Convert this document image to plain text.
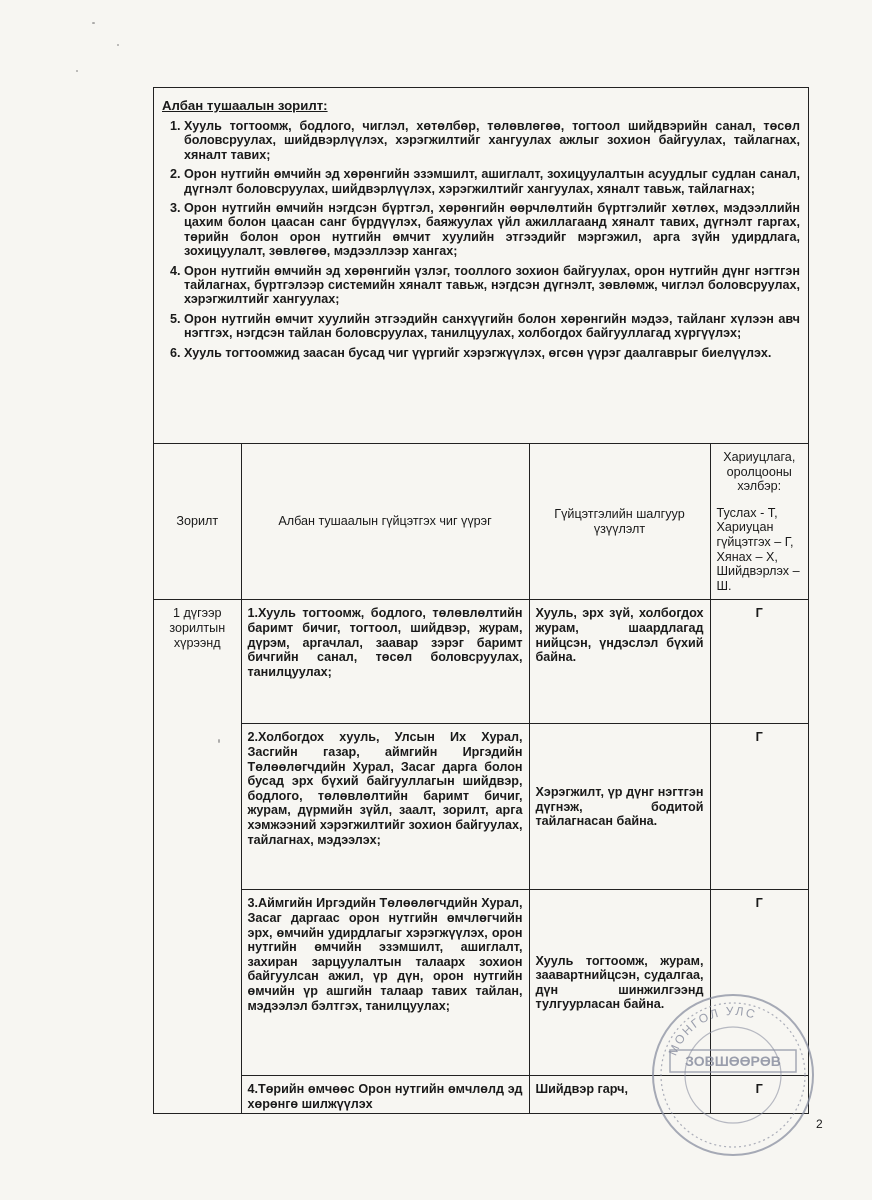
Албан тушаалын зорилт:

1. Хууль тогтоомж, бодлого, чиглэл, хөтөлбөр, төлөвлөгөө, тогтоол шийдвэрийн санал, төсөл боловсруулах, шийдвэрлүүлэх, хэрэгжилтийг хангуулах ажлыг зохион байгуулах, тайлагнах, хяналт тавих;
2. Орон нутгийн өмчийн эд хөрөнгийн эзэмшилт, ашиглалт, зохицуулалтын асуудлыг судлан санал, дүгнэлт боловсруулах, шийдвэрлүүлэх, хэрэгжилтийг хангуулах, хяналт тавьж, тайлагнах;
3. Орон нутгийн өмчийн нэгдсэн бүртгэл, хөрөнгийн өөрчлөлтийн бүртгэлийг хөтлөх, мэдээллийн цахим болон цаасан санг бүрдүүлэх, баяжуулах үйл ажиллагаанд хяналт тавих, дүгнэлт гаргах, төрийн болон орон нутгийн өмчит хуулийн этгээдийг мэргэжил, арга зүйн удирдлага, зохицуулалт, зөвлөгөө, мэдээллээр хангах;
4. Орон нутгийн өмчийн эд хөрөнгийн үзлэг, тооллого зохион байгуулах, орон нутгийн дүнг нэгтгэн тайлагнах, бүртгэлээр системийн хяналт тавьж, нэгдсэн дүгнэлт, зөвлөмж, чиглэл боловсруулах, хэрэгжилтийг хангуулах;
5. Орон нутгийн өмчит хуулийн этгээдийн санхүүгийн болон хөрөнгийн мэдээ, тайланг хүлээн авч нэгтгэх, нэгдсэн тайлан боловсруулах, танилцуулах, холбогдох байгууллагад хүргүүлэх;
6. Хууль тогтоомжид заасан бусад чиг үүргийг хэрэгжүүлэх, өгсөн үүрэг даалгаврыг биелүүлэх.
Зорилт	Албан тушаалын гүйцэтгэх чиг үүрэг	Гүйцэтгэлийн шалгуур үзүүлэлт	Хариуцлага, оролцооны хэлбэр:
Туслах - Т,
Хариуцан гүйцэтгэх – Г,
Хянах – Х,
Шийдвэрлэх – Ш.

1 дүгээр зорилтын хүрээнд	1.Хууль тогтоомж, бодлого, төлөвлөлтийн баримт бичиг, тогтоол, шийдвэр, журам, дүрэм, аргачлал, заавар зэрэг баримт бичгийн санал, төсөл боловсруулах, танилцуулах;	Хууль, эрх зүй, холбогдох журам, шаардлагад нийцсэн, үндэслэл бүхий байна.	Г
	2.Холбогдох хууль, Улсын Их Хурал, Засгийн газар, аймгийн Иргэдийн Төлөөлөгчдийн Хурал, Засаг дарга болон бусад эрх бүхий байгууллагын шийдвэр, бодлого, төлөвлөлтийн баримт бичиг, журам, дүрмийн зүйл, заалт, зорилт, арга хэмжээний хэрэгжилтийг зохион байгуулах, тайлагнах, мэдээлэх;	Хэрэгжилт, үр дүнг нэгтгэн дүгнэж, бодитой тайлагнасан байна.	Г
	3.Аймгийн Иргэдийн Төлөөлөгчдийн Хурал, Засаг даргаас орон нутгийн өмчлөгчийн эрх, өмчийн удирдлагыг хэрэгжүүлэх, орон нутгийн өмчийн эзэмшилт, ашиглалт, захиран зарцуулалтын талаарх зохион байгуулсан ажил, үр дүн, орон нутгийн өмчийн үр ашгийн талаар тавих тайлан, мэдээлэл бэлтгэх, танилцуулах;	Хууль тогтоомж, журам, заавартнийцсэн, судалгаа, дүн шинжилгээнд тулгуурласан байна.	Г
	4.Төрийн өмчөөс Орон нутгийн өмчлөлд эд хөрөнгө шилжүүлэх	Шийдвэр гарч,	Г
МОНГОЛ УЛС
ЗОВШӨӨРӨВ
2
